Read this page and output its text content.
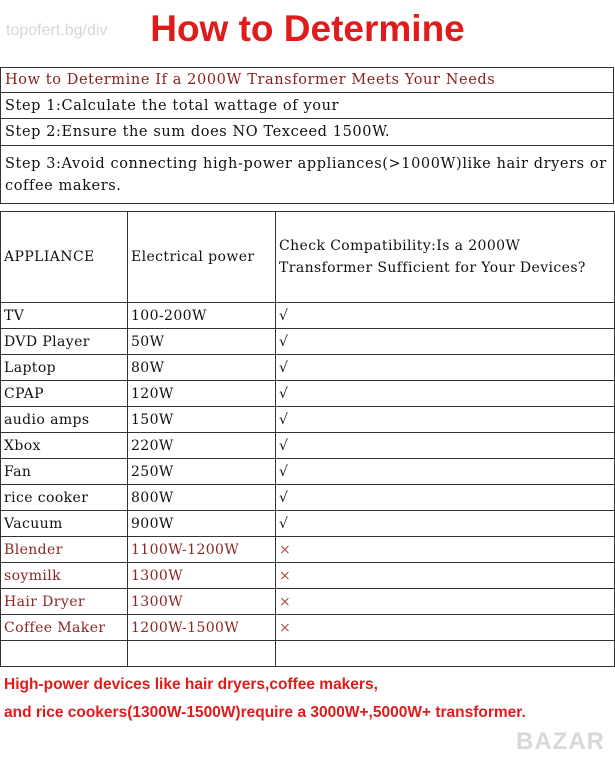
How to Determine
topofert.bg/div
How to Determine If a 2000W Transformer Meets Your Needs
Step 1:Calculate the total wattage of your
Step 2:Ensure the sum does NO Texceed 1500W.
Step 3:Avoid connecting high-power appliances(>1000W)like hair dryers or coffee makers.
APPLIANCE	Electrical power	Check Compatibility:Is a 2000W Transformer Sufficient for Your Devices?
TV	100-200W	√
DVD Player	50W	√
Laptop	80W	√
CPAP	120W	√
audio amps	150W	√
Xbox	220W	√
Fan	250W	√
rice cooker	800W	√
Vacuum	900W	√
Blender	1100W-1200W	×
soymilk	1300W	×
Hair Dryer	1300W	×
Coffee Maker	1200W-1500W	×

High-power devices like hair dryers,coffee makers,
and rice cookers(1300W-1500W)require a 3000W+,5000W+ transformer.
BAZAR
